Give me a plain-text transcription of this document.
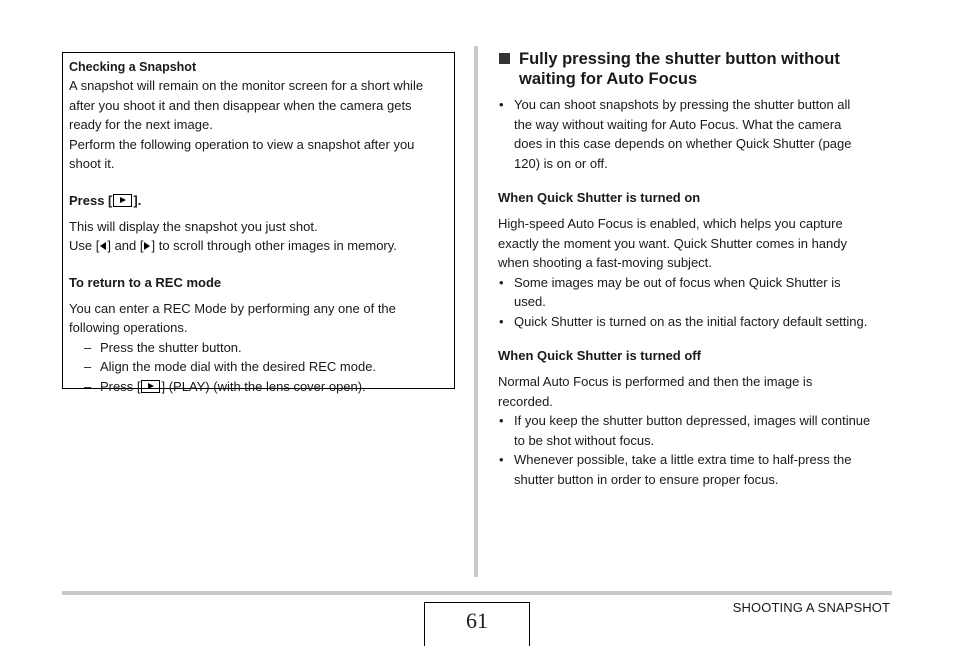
Checking a Snapshot
A snapshot will remain on the monitor screen for a short while
after you shoot it and then disappear when the camera gets
ready for the next image.
Perform the following operation to view a snapshot after you
shoot it.
Press [ ].
This will display the snapshot you just shot.
Use [ ] and [ ] to scroll through other images in memory.
To return to a REC mode
You can enter a REC Mode by performing any one of the
following operations.
– Press the shutter button.
– Align the mode dial with the desired REC mode.
– Press [ ] (PLAY) (with the lens cover open).
Fully pressing the shutter button without
waiting for Auto Focus
• You can shoot snapshots by pressing the shutter button all
the way without waiting for Auto Focus. What the camera
does in this case depends on whether Quick Shutter (page
120) is on or off.
When Quick Shutter is turned on
High-speed Auto Focus is enabled, which helps you capture
exactly the moment you want. Quick Shutter comes in handy
when shooting a fast-moving subject.
• Some images may be out of focus when Quick Shutter is
used.
• Quick Shutter is turned on as the initial factory default setting.
When Quick Shutter is turned off
Normal Auto Focus is performed and then the image is
recorded.
• If you keep the shutter button depressed, images will continue
to be shot without focus.
• Whenever possible, take a little extra time to half-press the
shutter button in order to ensure proper focus.
61
SHOOTING A SNAPSHOT
